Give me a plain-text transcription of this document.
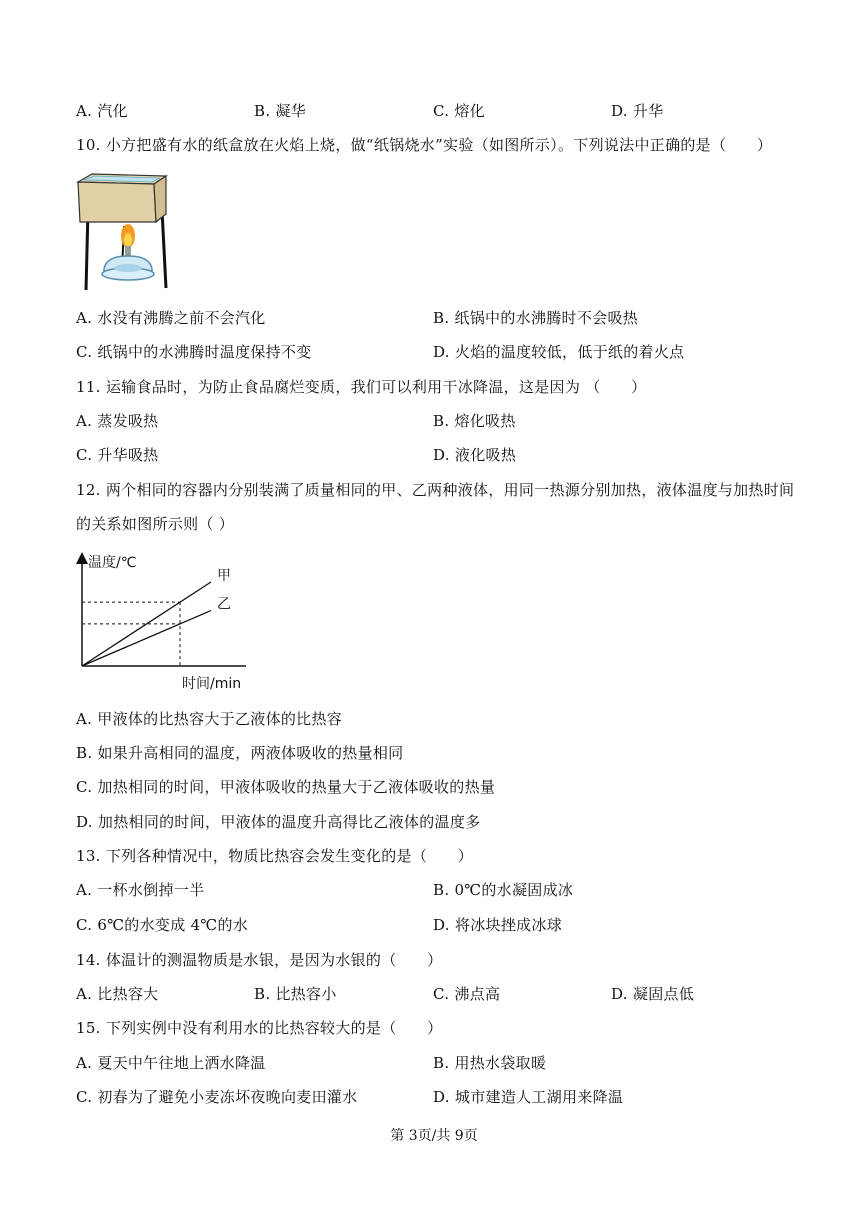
A. 汽化	B. 凝华	C. 熔化	D. 升华
10. 小方把盛有水的纸盒放在火焰上烧，做“纸锅烧水”实验（如图所示）。下列说法中正确的是（　　）
A. 水没有沸腾之前不会汽化	B. 纸锅中的水沸腾时不会吸热
C. 纸锅中的水沸腾时温度保持不变	D. 火焰的温度较低，低于纸的着火点
11. 运输食品时，为防止食品腐烂变质，我们可以利用干冰降温，这是因为 （　　）
A. 蒸发吸热	B. 熔化吸热
C. 升华吸热	D. 液化吸热
12. 两个相同的容器内分别装满了质量相同的甲、乙两种液体，用同一热源分别加热，液体温度与加热时间
的关系如图所示则（ ）
温度/℃
时间/min
甲
乙
A. 甲液体的比热容大于乙液体的比热容
B. 如果升高相同的温度，两液体吸收的热量相同
C. 加热相同的时间，甲液体吸收的热量大于乙液体吸收的热量
D. 加热相同的时间，甲液体的温度升高得比乙液体的温度多
13. 下列各种情况中，物质比热容会发生变化的是（　　）
A. 一杯水倒掉一半	B. 0℃的水凝固成冰
C. 6℃的水变成 4℃的水	D. 将冰块挫成冰球
14. 体温计的测温物质是水银，是因为水银的（　　）
A. 比热容大	B. 比热容小	C. 沸点高	D. 凝固点低
15. 下列实例中没有利用水的比热容较大的是（　　）
A. 夏天中午往地上洒水降温	B. 用热水袋取暖
C. 初春为了避免小麦冻坏夜晚向麦田灌水	D. 城市建造人工湖用来降温
第 3页/共 9页
